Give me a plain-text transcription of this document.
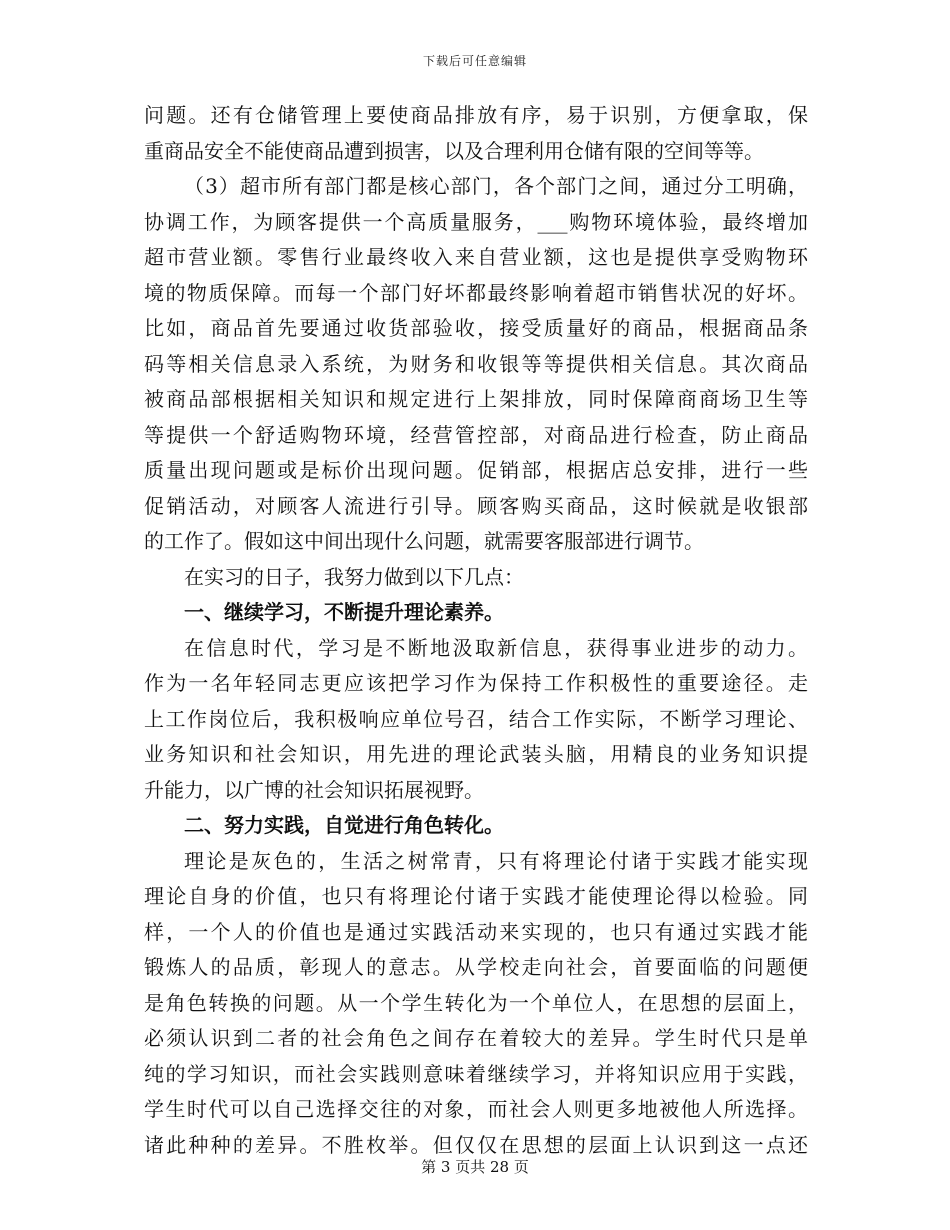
下载后可任意编辑
问题。还有仓储管理上要使商品排放有序，易于识别，方便拿取，保
重商品安全不能使商品遭到损害，以及合理利用仓储有限的空间等等。
（3）超市所有部门都是核心部门，各个部门之间，通过分工明确，
协调工作，为顾客提供一个高质量服务，___购物环境体验，最终增加
超市营业额。零售行业最终收入来自营业额，这也是提供享受购物环
境的物质保障。而每一个部门好坏都最终影响着超市销售状况的好坏。
比如，商品首先要通过收货部验收，接受质量好的商品，根据商品条
码等相关信息录入系统，为财务和收银等等提供相关信息。其次商品
被商品部根据相关知识和规定进行上架排放，同时保障商商场卫生等
等提供一个舒适购物环境，经营管控部，对商品进行检查，防止商品
质量出现问题或是标价出现问题。促销部，根据店总安排，进行一些
促销活动，对顾客人流进行引导。顾客购买商品，这时候就是收银部
的工作了。假如这中间出现什么问题，就需要客服部进行调节。
在实习的日子，我努力做到以下几点：
一、继续学习，不断提升理论素养。
在信息时代，学习是不断地汲取新信息，获得事业进步的动力。
作为一名年轻同志更应该把学习作为保持工作积极性的重要途径。走
上工作岗位后，我积极响应单位号召，结合工作实际，不断学习理论、
业务知识和社会知识，用先进的理论武装头脑，用精良的业务知识提
升能力，以广博的社会知识拓展视野。
二、努力实践，自觉进行角色转化。
理论是灰色的，生活之树常青，只有将理论付诸于实践才能实现
理论自身的价值，也只有将理论付诸于实践才能使理论得以检验。同
样，一个人的价值也是通过实践活动来实现的，也只有通过实践才能
锻炼人的品质，彰现人的意志。从学校走向社会，首要面临的问题便
是角色转换的问题。从一个学生转化为一个单位人，在思想的层面上，
必须认识到二者的社会角色之间存在着较大的差异。学生时代只是单
纯的学习知识，而社会实践则意味着继续学习，并将知识应用于实践，
学生时代可以自己选择交往的对象，而社会人则更多地被他人所选择。
诸此种种的差异。不胜枚举。但仅仅在思想的层面上认识到这一点还
第 3 页共 28 页
